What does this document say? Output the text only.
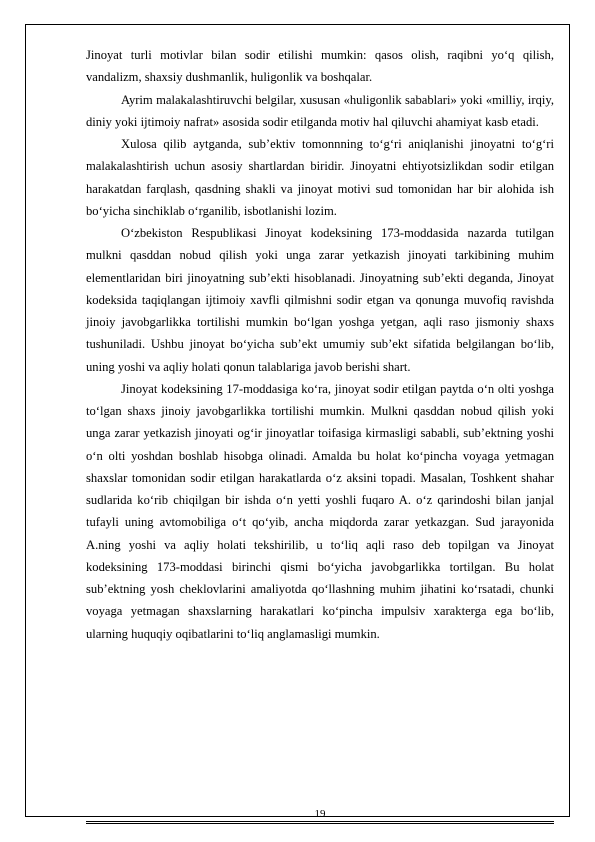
Jinoyat turli motivlar bilan sodir etilishi mumkin: qasos olish, raqibni yo‘q qilish, vandalizm, shaxsiy dushmanlik, huligonlik va boshqalar.

Ayrim malakalashtiruvchi belgilar, xususan «huligonlik sabablari» yoki «milliy, irqiy, diniy yoki ijtimoiy nafrat» asosida sodir etilganda motiv hal qiluvchi ahamiyat kasb etadi.

Xulosa qilib aytganda, sub’ektiv tomonnning to‘g‘ri aniqlanishi jinoyatni to‘g‘ri malakalashtirish uchun asosiy shartlardan biridir. Jinoyatni ehtiyotsizlikdan sodir etilgan harakatdan farqlash, qasdning shakli va jinoyat motivi sud tomonidan har bir alohida ish bo‘yicha sinchiklab o‘rganilib, isbotlanishi lozim.

O‘zbekiston Respublikasi Jinoyat kodeksining 173-moddasida nazarda tutilgan mulkni qasddan nobud qilish yoki unga zarar yetkazish jinoyati tarkibining muhim elementlaridan biri jinoyatning sub’ekti hisoblanadi. Jinoyatning sub’ekti deganda, Jinoyat kodeksida taqiqlangan ijtimoiy xavfli qilmishni sodir etgan va qonunga muvofiq ravishda jinoiy javobgarlikka tortilishi mumkin bo‘lgan yoshga yetgan, aqli raso jismoniy shaxs tushuniladi. Ushbu jinoyat bo‘yicha sub’ekt umumiy sub’ekt sifatida belgilangan bo‘lib, uning yoshi va aqliy holati qonun talablariga javob berishi shart.

Jinoyat kodeksining 17-moddasiga ko‘ra, jinoyat sodir etilgan paytda o‘n olti yoshga to‘lgan shaxs jinoiy javobgarlikka tortilishi mumkin. Mulkni qasddan nobud qilish yoki unga zarar yetkazish jinoyati og‘ir jinoyatlar toifasiga kirmasligi sababli, sub’ektning yoshi o‘n olti yoshdan boshlab hisobga olinadi. Amalda bu holat ko‘pincha voyaga yetmagan shaxslar tomonidan sodir etilgan harakatlarda o‘z aksini topadi. Masalan, Toshkent shahar sudlarida ko‘rib chiqilgan bir ishda o‘n yetti yoshli fuqaro A. o‘z qarindoshi bilan janjal tufayli uning avtomobiliga o‘t qo‘yib, ancha miqdorda zarar yetkazgan. Sud jarayonida A.ning yoshi va aqliy holati tekshirilib, u to‘liq aqli raso deb topilgan va Jinoyat kodeksining 173-moddasi birinchi qismi bo‘yicha javobgarlikka tortilgan. Bu holat sub’ektning yosh cheklovlarini amaliyotda qo‘llashning muhim jihatini ko‘rsatadi, chunki voyaga yetmagan shaxslarning harakatlari ko‘pincha impulsiv xarakterga ega bo‘lib, ularning huquqiy oqibatlarini to‘liq anglamasligi mumkin.

19
